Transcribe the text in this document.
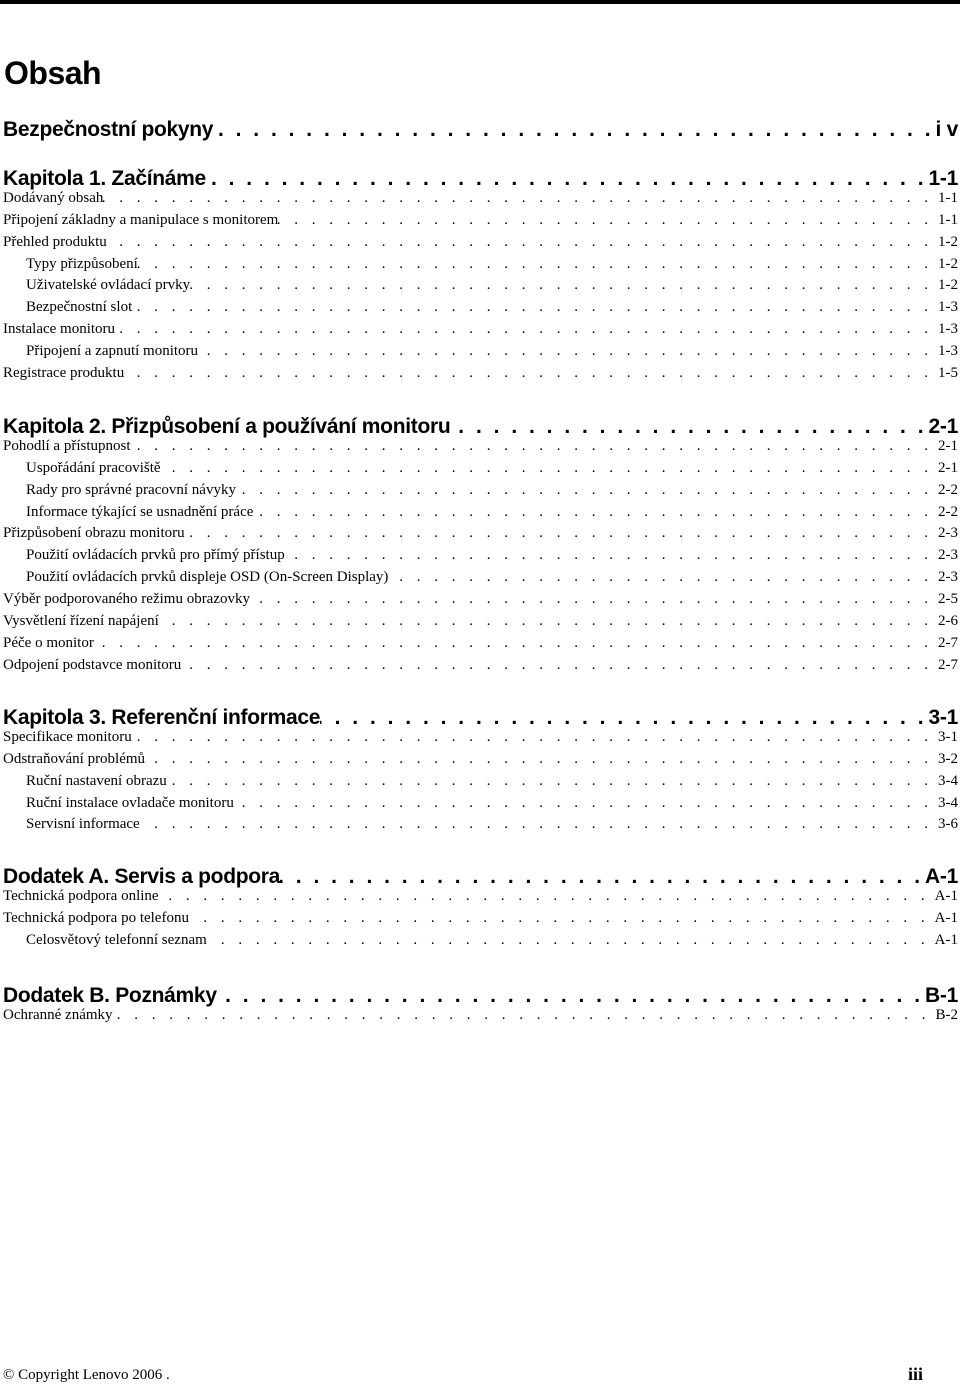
Obsah
Bezpečnostní pokyny . . .	i v
Kapitola 1. Začínáme . . .	1-1
Dodávaný obsah . . .	1-1
Připojení základny a manipulace s monitorem . . .	1-1
Přehled produktu . . .	1-2
Typy přizpůsobení . . .	1-2
Uživatelské ovládací prvky . . .	1-2
Bezpečnostní slot . . .	1-3
Instalace monitoru . . .	1-3
Připojení a zapnutí monitoru . . .	1-3
Registrace produktu . . .	1-5
Kapitola 2. Přizpůsobení a používání monitoru . . .	2-1
Pohodlí a přístupnost . . .	2-1
Uspořádání pracoviště . . .	2-1
Rady pro správné pracovní návyky . . .	2-2
Informace týkající se usnadnění práce . . .	2-2
Přizpůsobení obrazu monitoru . . .	2-3
Použití ovládacích prvků pro přímý přístup . . .	2-3
Použití ovládacích prvků displeje OSD (On-Screen Display) . . .	2-3
Výběr podporovaného režimu obrazovky . . .	2-5
Vysvětlení řízení napájení . . .	2-6
Péče o monitor . . .	2-7
Odpojení podstavce monitoru . . .	2-7
Kapitola 3. Referenční informace . . .	3-1
Specifikace monitoru . . .	3-1
Odstraňování problémů . . .	3-2
Ruční nastavení obrazu . . .	3-4
Ruční instalace ovladače monitoru . . .	3-4
Servisní informace . . .	3-6
Dodatek A. Servis a podpora . . .	A-1
Technická podpora online . . .	A-1
Technická podpora po telefonu . . .	A-1
Celosvětový telefonní seznam . . .	A-1
Dodatek B. Poznámky . . .	B-1
Ochranné známky . . .	B-2
© Copyright Lenovo 2006 .	iii
